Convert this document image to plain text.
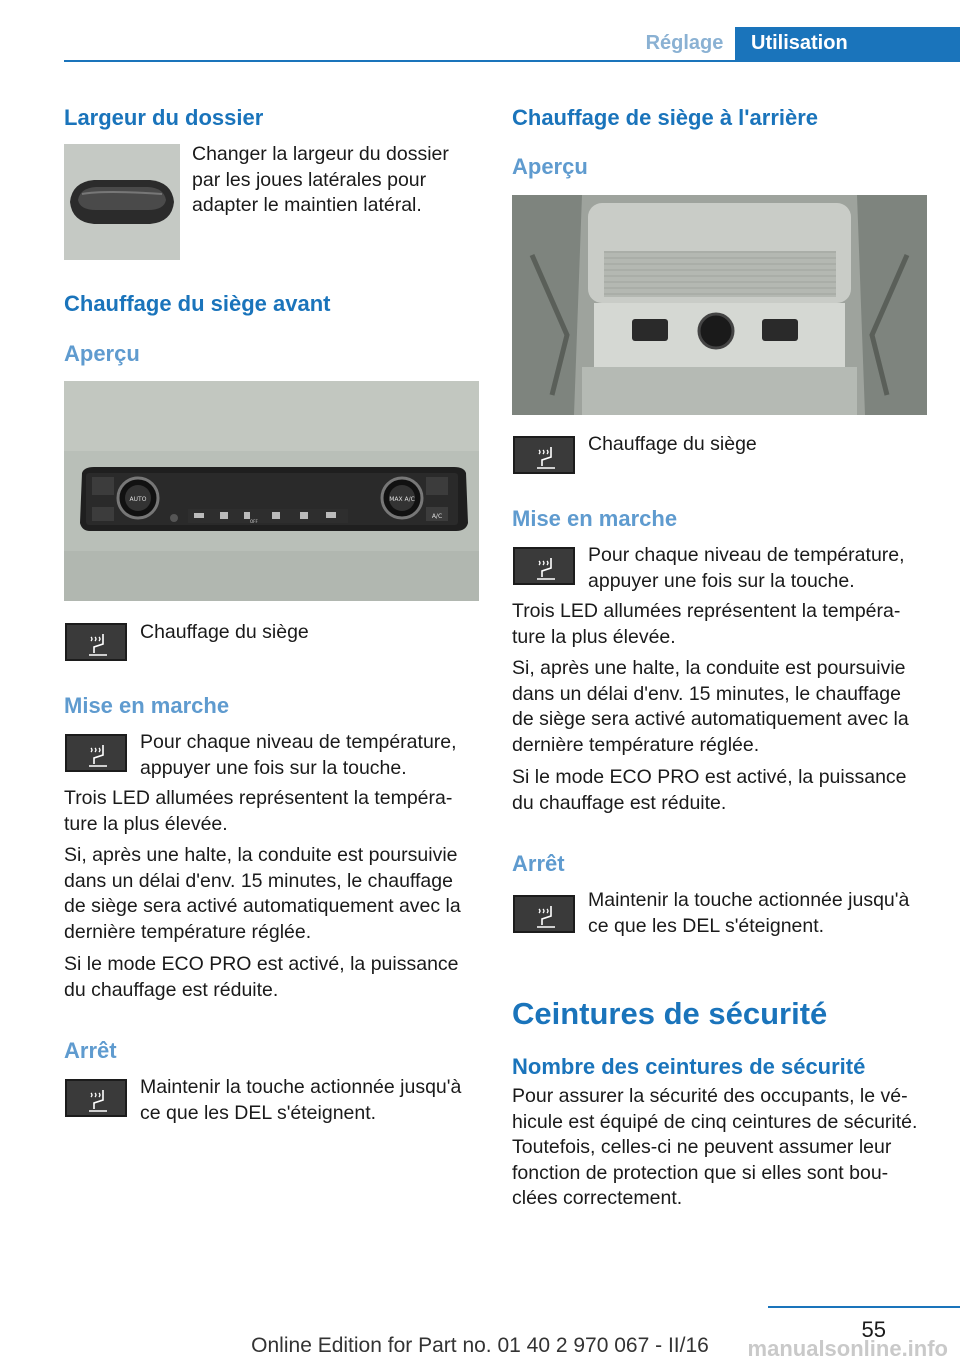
Réglage	Utilisation
Largeur du dossier

Changer la largeur du dossier par les joues latérales pour adapter le maintien latéral.

Chauffage du siège avant
Aperçu
AUTO	MAX A/C
A/C
OFF

Chauffage du siège

Mise en marche

Pour chaque niveau de température, appuyer une fois sur la touche.

Trois LED allumées représentent la tempéra-ture la plus élevée.

Si, après une halte, la conduite est poursuivie dans un délai d'env. 15 minutes, le chauffage de siège sera activé automatiquement avec la dernière température réglée.

Si le mode ECO PRO est activé, la puissance du chauffage est réduite.

Arrêt

Maintenir la touche actionnée jusqu'à ce que les DEL s'éteignent.

Chauffage de siège à l'arrière
Aperçu

Chauffage du siège

Mise en marche

Pour chaque niveau de température, appuyer une fois sur la touche.

Trois LED allumées représentent la tempéra-ture la plus élevée.

Si, après une halte, la conduite est poursuivie dans un délai d'env. 15 minutes, le chauffage de siège sera activé automatiquement avec la dernière température réglée.

Si le mode ECO PRO est activé, la puissance du chauffage est réduite.

Arrêt

Maintenir la touche actionnée jusqu'à ce que les DEL s'éteignent.

Ceintures de sécurité
Nombre des ceintures de sécurité

Pour assurer la sécurité des occupants, le vé-hicule est équipé de cinq ceintures de sécurité. Toutefois, celles-ci ne peuvent assumer leur fonction de protection que si elles sont bou-clées correctement.

55
Online Edition for Part no. 01 40 2 970 067 - II/16	manualsonline.info
